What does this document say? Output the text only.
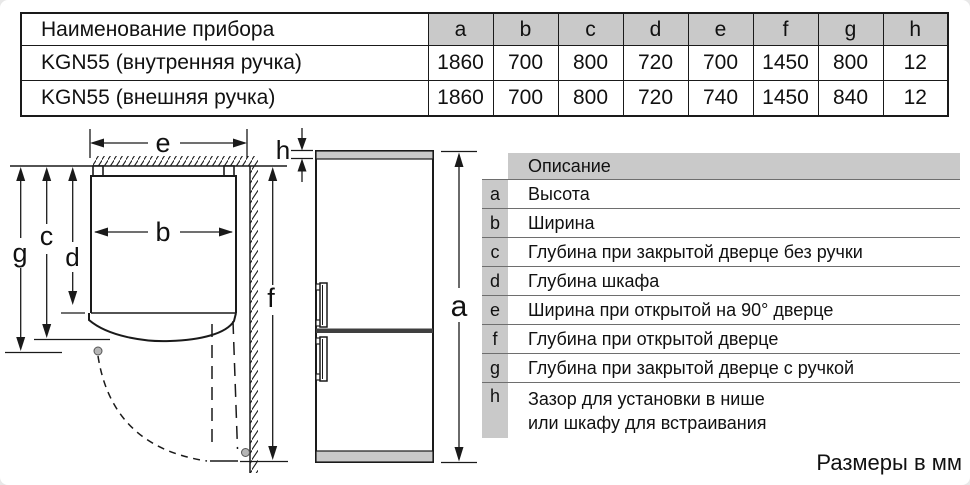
Наименование прибора	a	b	c	d	e	f	g	h
KGN55 (внутренняя ручка)	1860	700	800	720	700	1450	800	12
KGN55 (внешняя ручка)	1860	700	800	720	740	1450	840	12
e
b
g
c
d
f
h
a
Описание
a	Высота
b	Ширина
c	Глубина при закрытой дверце без ручки
d	Глубина шкафа
e	Ширина при открытой на 90° дверце
f	Глубина при открытой дверце
g	Глубина при закрытой дверце с ручкой
h	Зазор для установки в нише
или шкафу для встраивания
Размеры в мм
